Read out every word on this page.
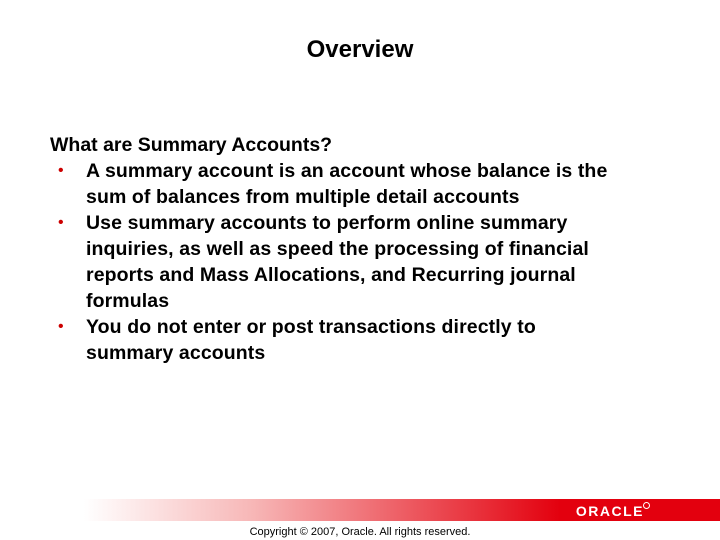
Overview

What are Summary Accounts?

•	A summary account is an account whose balance is the
sum of balances from multiple detail accounts
•	Use summary accounts to perform online summary
inquiries, as well as speed the processing of financial
reports and Mass Allocations, and Recurring journal
formulas
•	You do not enter or post transactions directly to
summary accounts
ORACLE
Copyright © 2007, Oracle. All rights reserved.
